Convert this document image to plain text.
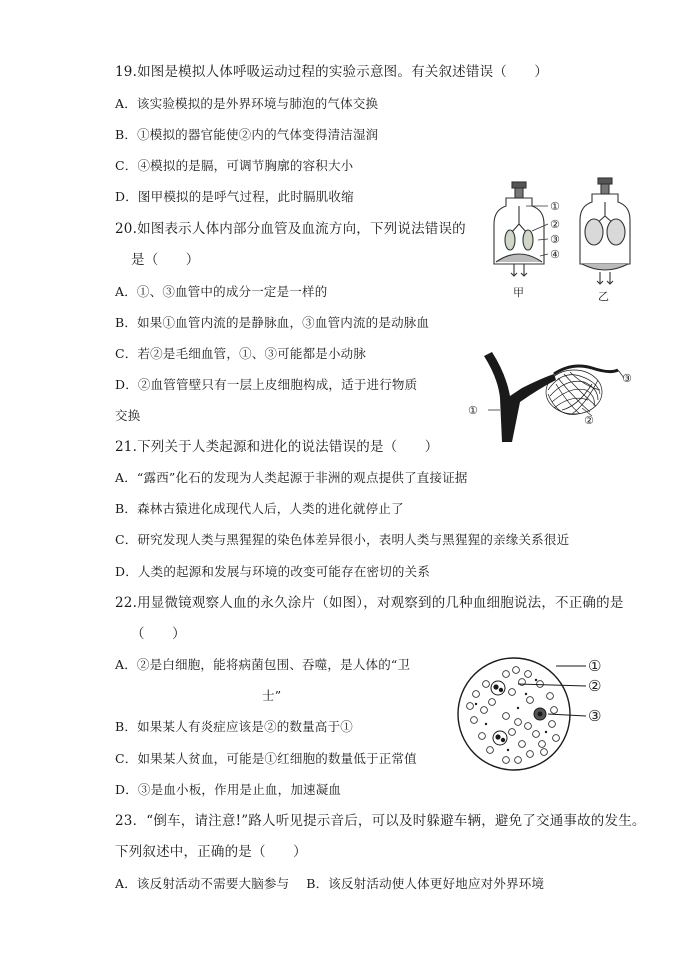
19.如图是模拟人体呼吸运动过程的实验示意图。有关叙述错误（　　）
A．该实验模拟的是外界环境与肺泡的气体交换
B．①模拟的器官能使②内的气体变得清洁湿润
C．④模拟的是膈，可调节胸廓的容积大小
D．图甲模拟的是呼气过程，此时膈肌收缩
①
②
③
④
甲	乙
20.如图表示人体内部分血管及血流方向，下列说法错误的
是（　　）
A．①、③血管中的成分一定是一样的
B．如果①血管内流的是静脉血，③血管内流的是动脉血
C．若②是毛细血管，①、③可能都是小动脉
D．②血管管壁只有一层上皮细胞构成，适于进行物质
交换	①
②
③
21.下列关于人类起源和进化的说法错误的是（　　）
A．“露西”化石的发现为人类起源于非洲的观点提供了直接证据
B．森林古猿进化成现代人后，人类的进化就停止了
C．研究发现人类与黑猩猩的染色体差异很小，表明人类与黑猩猩的亲缘关系很近
D．人类的起源和发展与环境的改变可能存在密切的关系
22.用显微镜观察人血的永久涂片（如图），对观察到的几种血细胞说法，不正确的是
（　　）
A．②是白细胞，能将病菌包围、吞噬，是人体的“卫
士”
B．如果某人有炎症应该是②的数量高于①
C．如果某人贫血，可能是①红细胞的数量低于正常值
D．③是血小板，作用是止血，加速凝血
①
②
③
23．“倒车，请注意!”路人听见提示音后，可以及时躲避车辆，避免了交通事故的发生。
下列叙述中，正确的是（　　）
A．该反射活动不需要大脑参与　 B．该反射活动使人体更好地应对外界环境
